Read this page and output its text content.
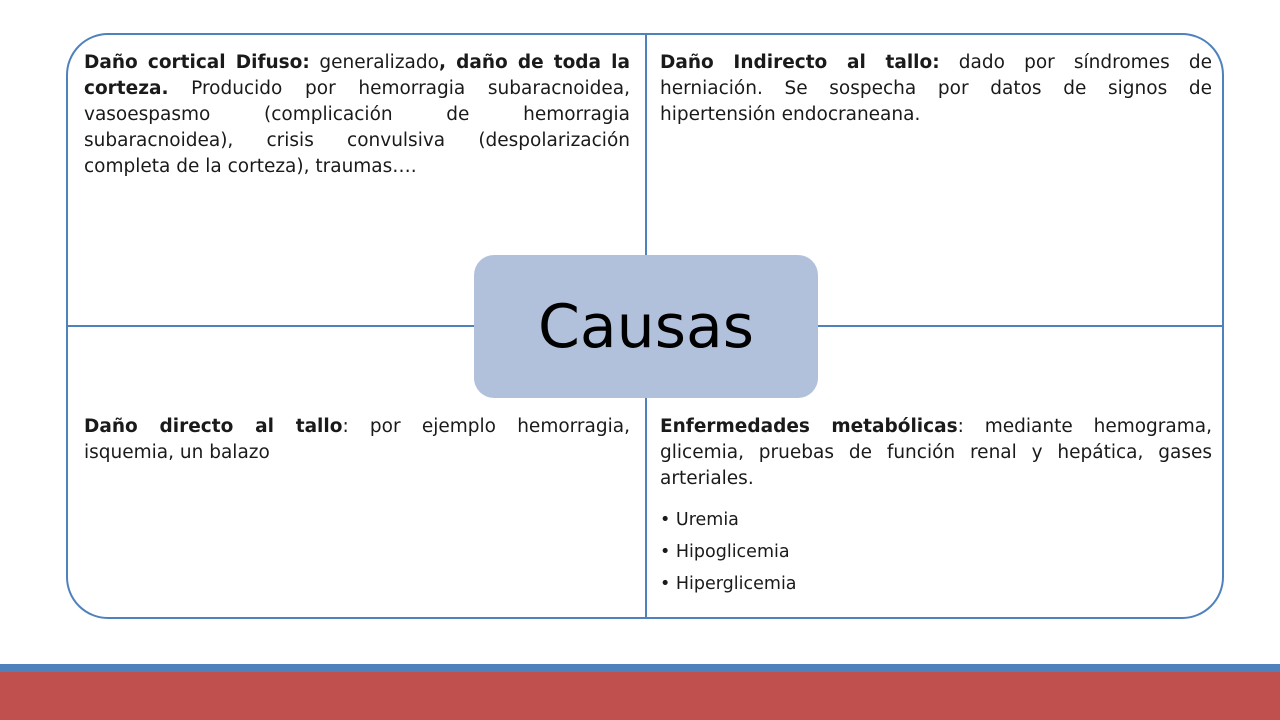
Daño cortical Difuso: generalizado, daño de toda la corteza. Producido por hemorragia subaracnoidea, vasoespasmo (complicación de hemorragia subaracnoidea), crisis convulsiva (despolarización completa de la corteza), traumas….

Daño Indirecto al tallo: dado por síndromes de herniación. Se sospecha por datos de signos de hipertensión endocraneana.

Daño directo al tallo: por ejemplo hemorragia, isquemia, un balazo

Enfermedades metabólicas: mediante hemograma, glicemia, pruebas de función renal y hepática, gases arteriales.

• Uremia
• Hipoglicemia
• Hiperglicemia
Causas
